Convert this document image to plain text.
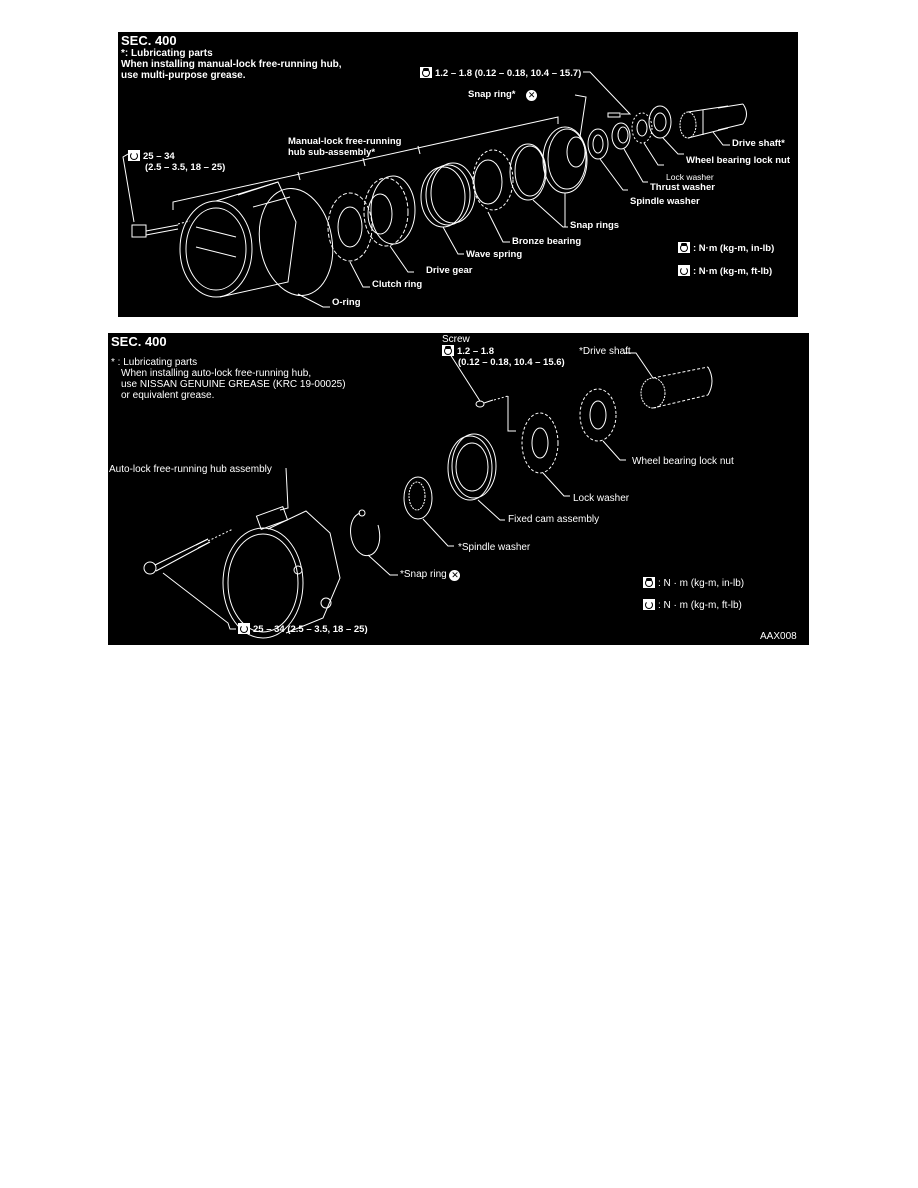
SEC. 400
*: Lubricating parts
When installing manual-lock free-running hub,
use multi-purpose grease.
25 – 34
(2.5 – 3.5, 18 – 25)
Manual-lock free-running
hub sub-assembly*
1.2 – 1.8 (0.12 – 0.18, 10.4 – 15.7)
Snap ring* ✕
Drive shaft*
Wheel bearing lock nut
Lock washer
Thrust washer
Spindle washer
Snap rings
Bronze bearing
Wave spring
Drive gear
Clutch ring
O-ring
: N·m (kg-m, in-lb)
: N·m (kg-m, ft-lb)
SEC. 400
* : Lubricating parts
When installing auto-lock free-running hub,
use NISSAN GENUINE GREASE (KRC 19-00025)
or equivalent grease.
Screw
1.2 – 1.8
(0.12 – 0.18, 10.4 – 15.6)
*Drive shaft
Wheel bearing lock nut
Auto-lock free-running hub assembly
Lock washer
Fixed cam assembly
*Spindle washer
*Snap ring ✕
25 – 34 (2.5 – 3.5, 18 – 25)
: N · m (kg-m, in-lb)
: N · m (kg-m, ft-lb)
AAX008
